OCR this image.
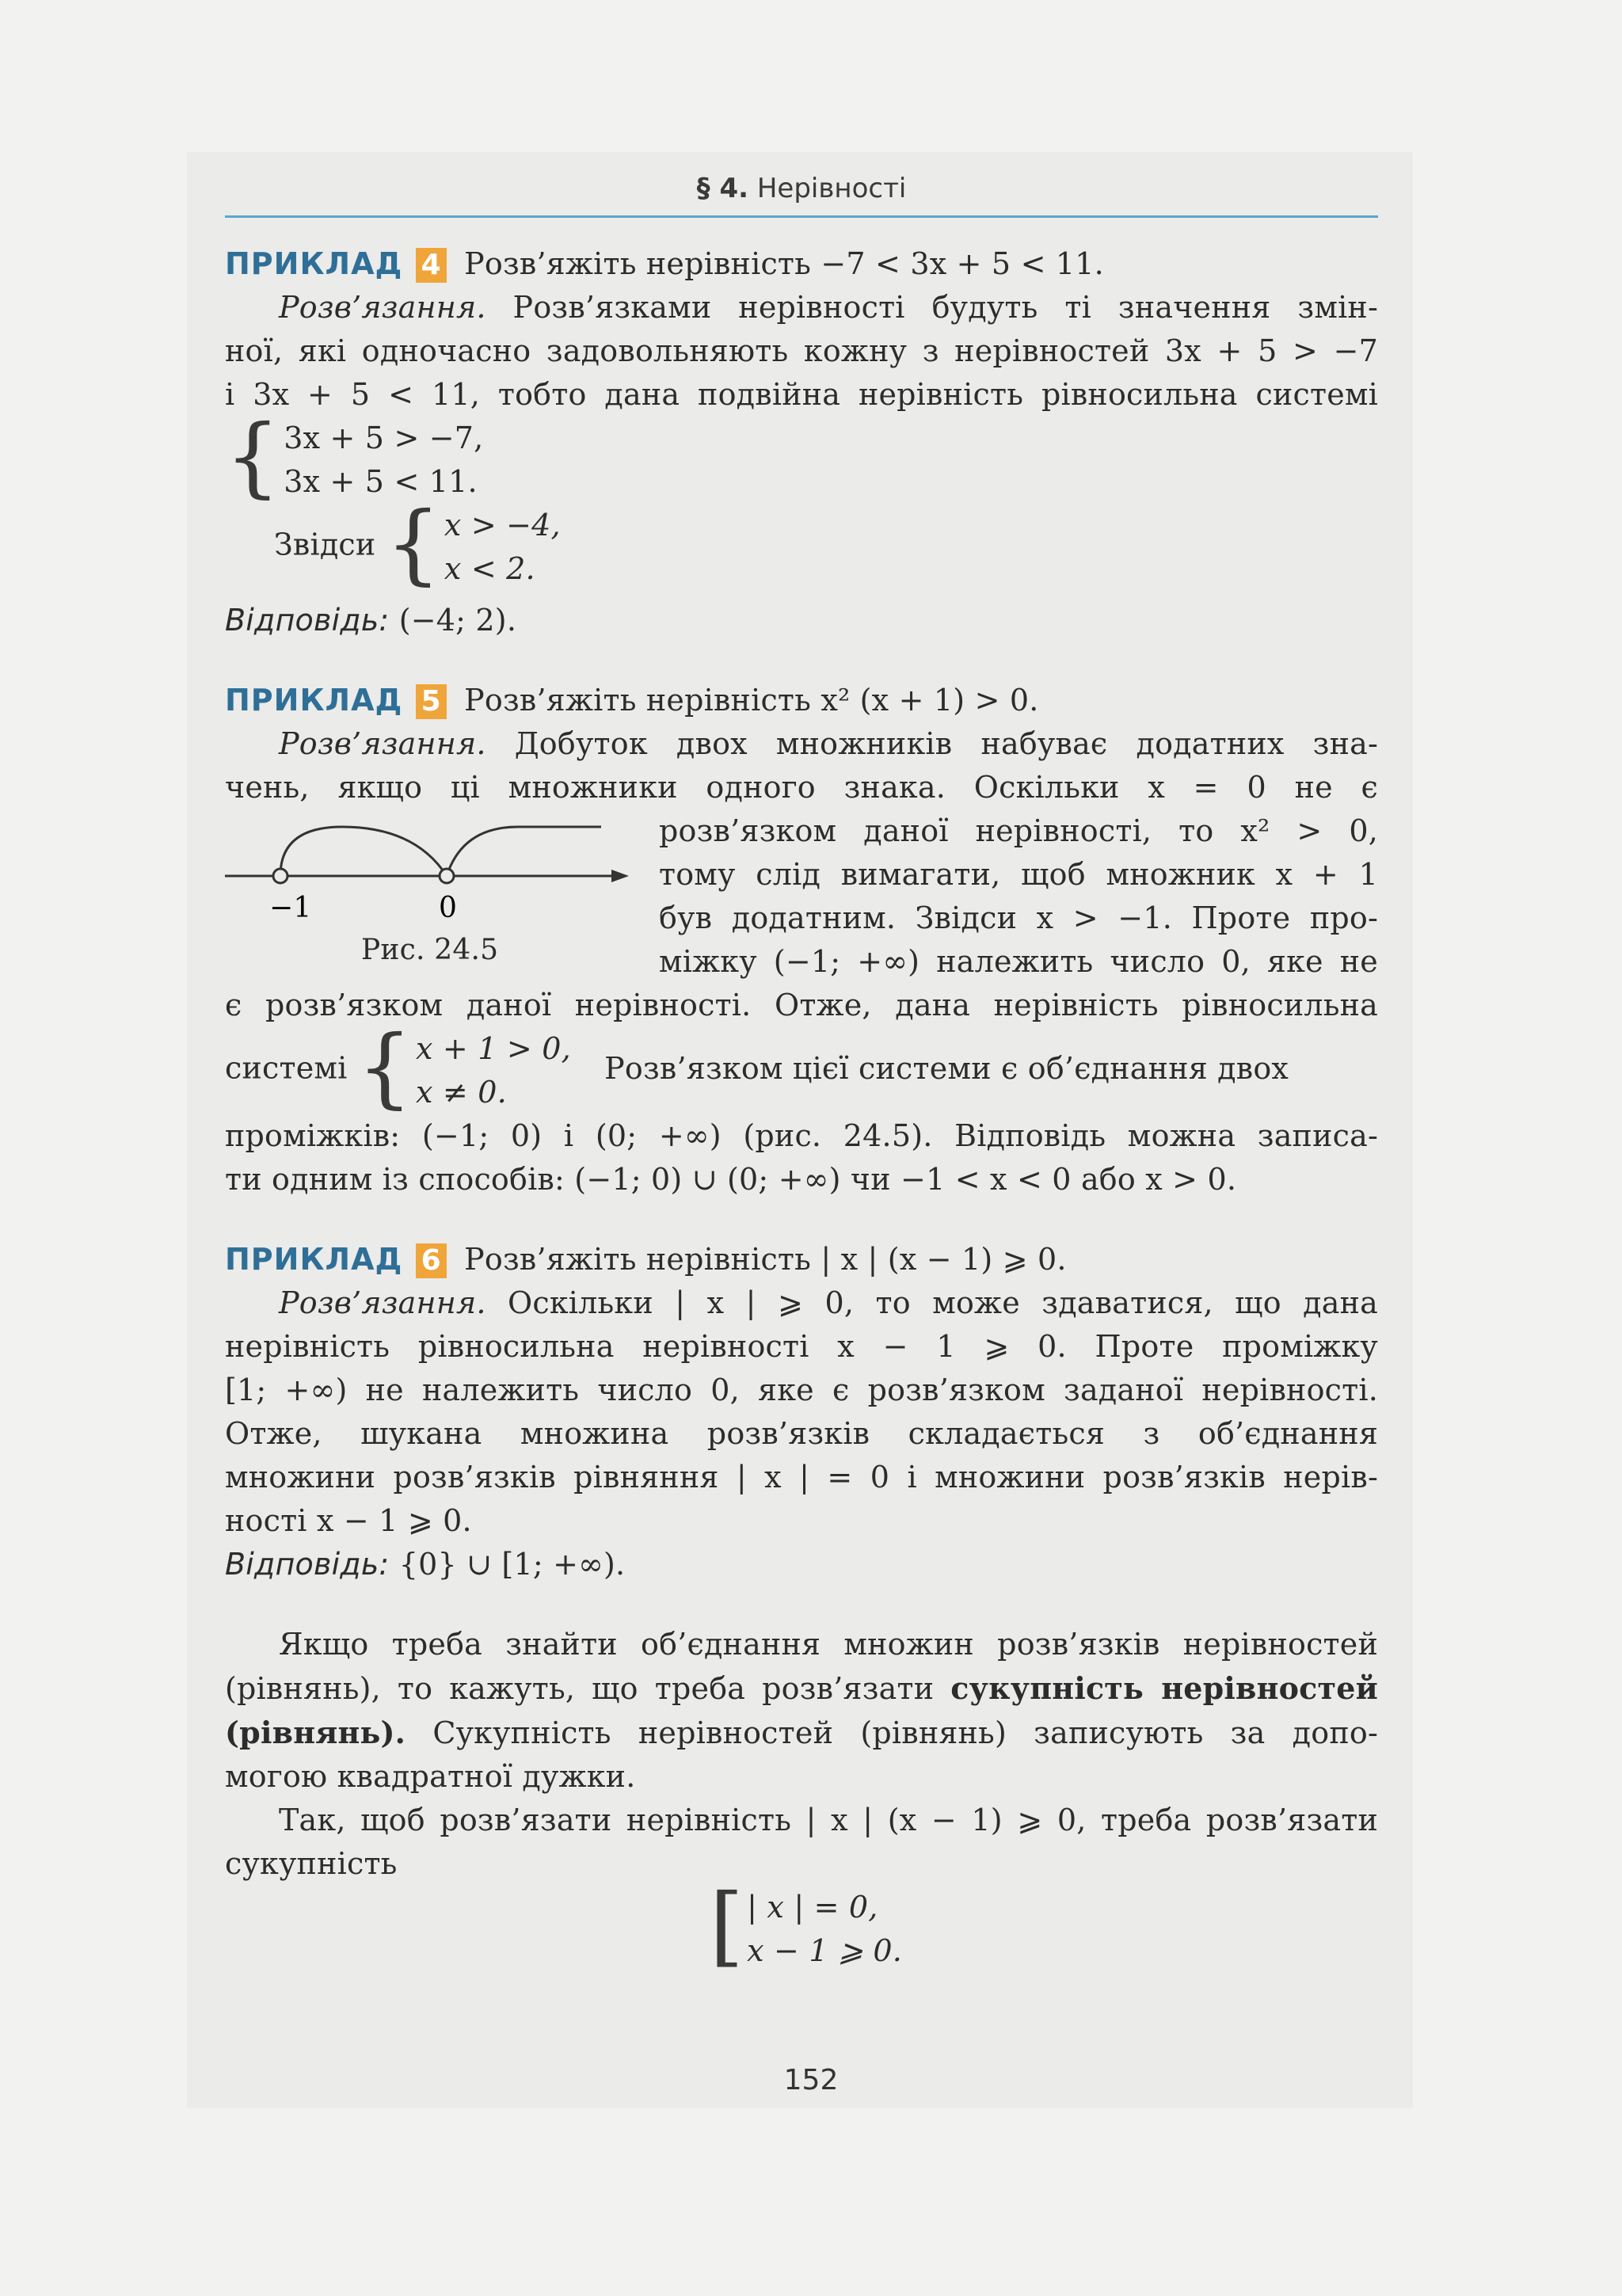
§ 4. Нерівності
ПРИКЛАД 4 Розв’яжіть нерівність −7 < 3x + 5 < 11.
Розв’язання. Розв’язками нерівності будуть ті значення змін-
ної, які одночасно задовольняють кожну з нерівностей 3x + 5 > −7
і 3x + 5 < 11, тобто дана подвійна нерівність рівносильна системі
{ 3x + 5 > −7,
3x + 5 < 11.
Звідси { x > −4,
x < 2.
Відповідь: (−4; 2).
ПРИКЛАД 5 Розв’яжіть нерівність x² (x + 1) > 0.
Розв’язання. Добуток двох множників набуває додатних зна-
чень, якщо ці множники одного знака. Оскільки x = 0 не є
−1	0
Рис. 24.5
розв’язком даної нерівності, то x² > 0,
тому слід вимагати, щоб множник x + 1
був додатним. Звідси x > −1. Проте про-
міжку (−1; +∞) належить число 0, яке не
є розв’язком даної нерівності. Отже, дана нерівність рівносильна
системі { x + 1 > 0,
x ≠ 0.
Розв’язком цієї системи є об’єднання двох
проміжків: (−1; 0) і (0; +∞) (рис. 24.5). Відповідь можна записа-
ти одним із способів: (−1; 0) ∪ (0; +∞) чи −1 < x < 0 або x > 0.
ПРИКЛАД 6 Розв’яжіть нерівність | x | (x − 1) ⩾ 0.
Розв’язання. Оскільки | x | ⩾ 0, то може здаватися, що дана
нерівність рівносильна нерівності x − 1 ⩾ 0. Проте проміжку
[1; +∞) не належить число 0, яке є розв’язком заданої нерівності.
Отже, шукана множина розв’язків складається з об’єднання
множини розв’язків рівняння | x | = 0 і множини розв’язків нерів-
ності x − 1 ⩾ 0.
Відповідь: {0} ∪ [1; +∞).
Якщо треба знайти об’єднання множин розв’язків нерівностей
(рівнянь), то кажуть, що треба розв’язати сукупність нерівностей
(рівнянь). Сукупність нерівностей (рівнянь) записують за допо-
могою квадратної дужки.
Так, щоб розв’язати нерівність | x | (x − 1) ⩾ 0, треба розв’язати
сукупність
[ | x | = 0,
x − 1 ⩾ 0.
152
